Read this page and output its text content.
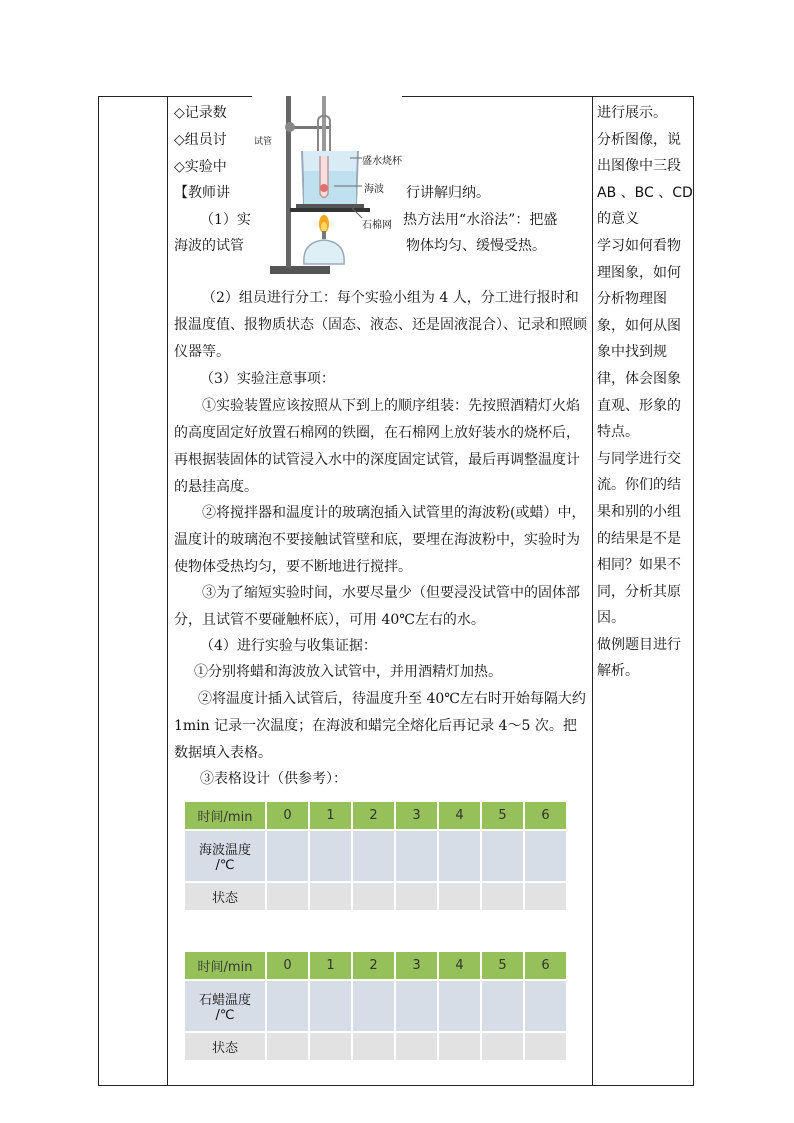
◇记录数
◇组员讨
◇实验中
【教师讲	行讲解归纳。
（1）实	热方法用“水浴法”：把盛
海波的试管	物体均匀、缓慢受热。
（2）组员进行分工：每个实验小组为 4 人，分工进行报时和报温度值、报物质状态（固态、液态、还是固液混合）、记录和照顾仪器等。
（3）实验注意事项：
①实验装置应该按照从下到上的顺序组装：先按照酒精灯火焰的高度固定好放置石棉网的铁圈，在石棉网上放好装水的烧杯后，再根据装固体的试管浸入水中的深度固定试管，最后再调整温度计的悬挂高度。
②将搅拌器和温度计的玻璃泡插入试管里的海波粉(或蜡）中，温度计的玻璃泡不要接触试管壁和底，要埋在海波粉中，实验时为使物体受热均匀，要不断地进行搅拌。
③为了缩短实验时间，水要尽量少（但要浸没试管中的固体部分，且试管不要碰触杯底），可用 40℃左右的水。
（4）进行实验与收集证据：
①分别将蜡和海波放入试管中，并用酒精灯加热。
②将温度计插入试管后，待温度升至 40℃左右时开始每隔大约1min 记录一次温度；在海波和蜡完全熔化后再记录 4～5 次。把数据填入表格。
③表格设计（供参考）：
试管
盛水烧杯
海波
石棉网
时间/min	0	1	2	3	4	5	6

海波温度
/℃							

状态							
时间/min	0	1	2	3	4	5	6

石蜡温度
/℃							

状态							
进行展示。
分析图像，说
出图像中三段
AB 、BC 、CD
的意义
学习如何看物
理图象，如何
分析物理图
象，如何从图
象中找到规
律，体会图象
直观、形象的
特点。
与同学进行交
流。你们的结
果和别的小组
的结果是不是
相同？如果不
同，分析其原
因。
做例题目进行
解析。
